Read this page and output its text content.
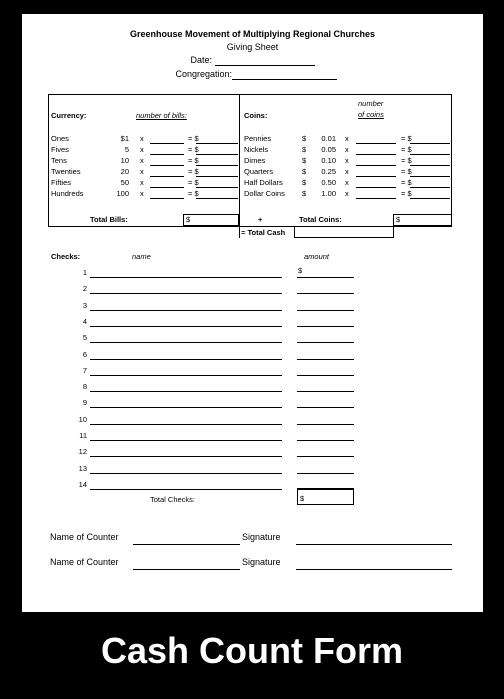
Greenhouse Movement of Multiplying Regional Churches
Giving Sheet
Date:
Congregation:
Currency:	number of bills:
Ones	$1 x	= $
Fives	5 x	= $
Tens	10 x	= $
Twenties	20 x	= $
Fifties	50 x	= $
Hundreds	100 x	= $
Total Bills:	$	+
Coins:
number
of coins
Pennies	$	0.01 x	= $
Nickels	$	0.05 x	= $
Dimes	$	0.10 x	= $
Quarters	$	0.25 x	= $
Half Dollars	$	0.50 x	= $
Dollar Coins $	1.00 x	= $
Total Coins:	$
= Total Cash
Checks:	name	amount
$
1
2
3
4
5
6
7
8
9
10
11
12
13
14
Total Checks:	$
Name of Counter	Signature
Name of Counter	Signature
Cash Count Form
